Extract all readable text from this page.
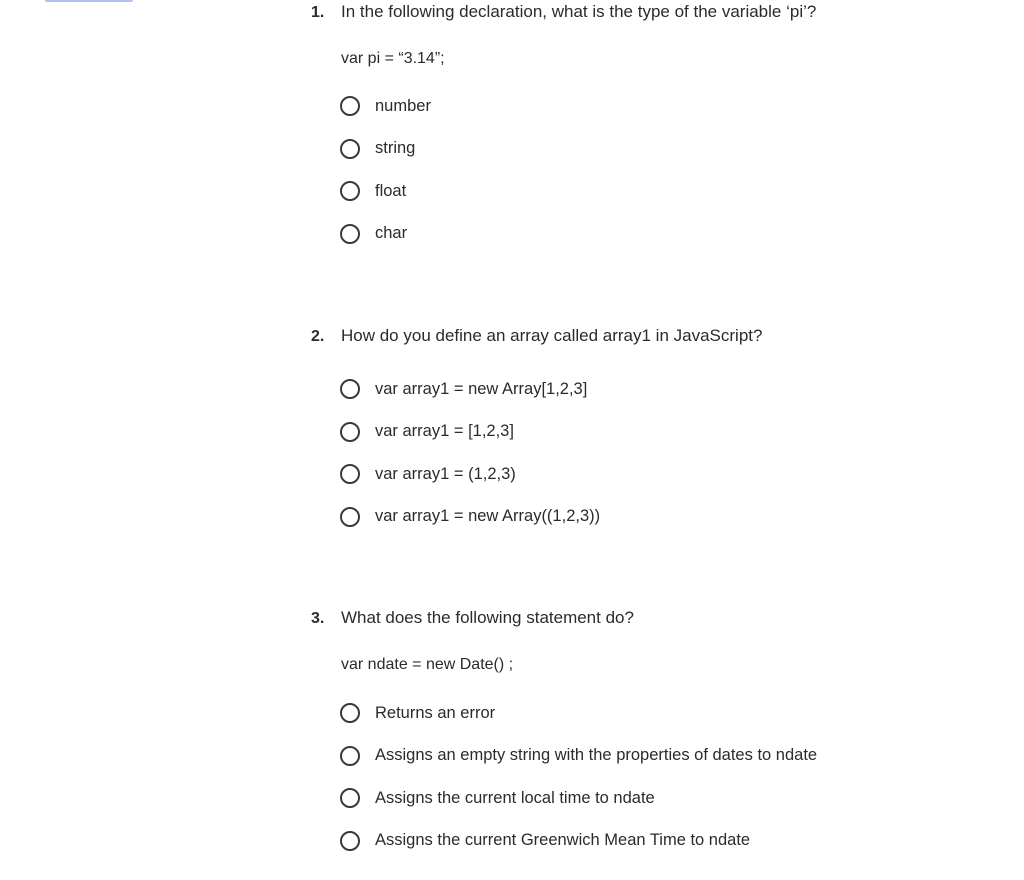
1. In the following declaration, what is the type of the variable ‘pi’?
var pi = “3.14”;
number
string
float
char
2. How do you define an array called array1 in JavaScript?
var array1 = new Array[1,2,3]
var array1 = [1,2,3]
var array1 = (1,2,3)
var array1 = new Array((1,2,3))
3. What does the following statement do?
var ndate = new Date() ;
Returns an error
Assigns an empty string with the properties of dates to ndate
Assigns the current local time to ndate
Assigns the current Greenwich Mean Time to ndate
